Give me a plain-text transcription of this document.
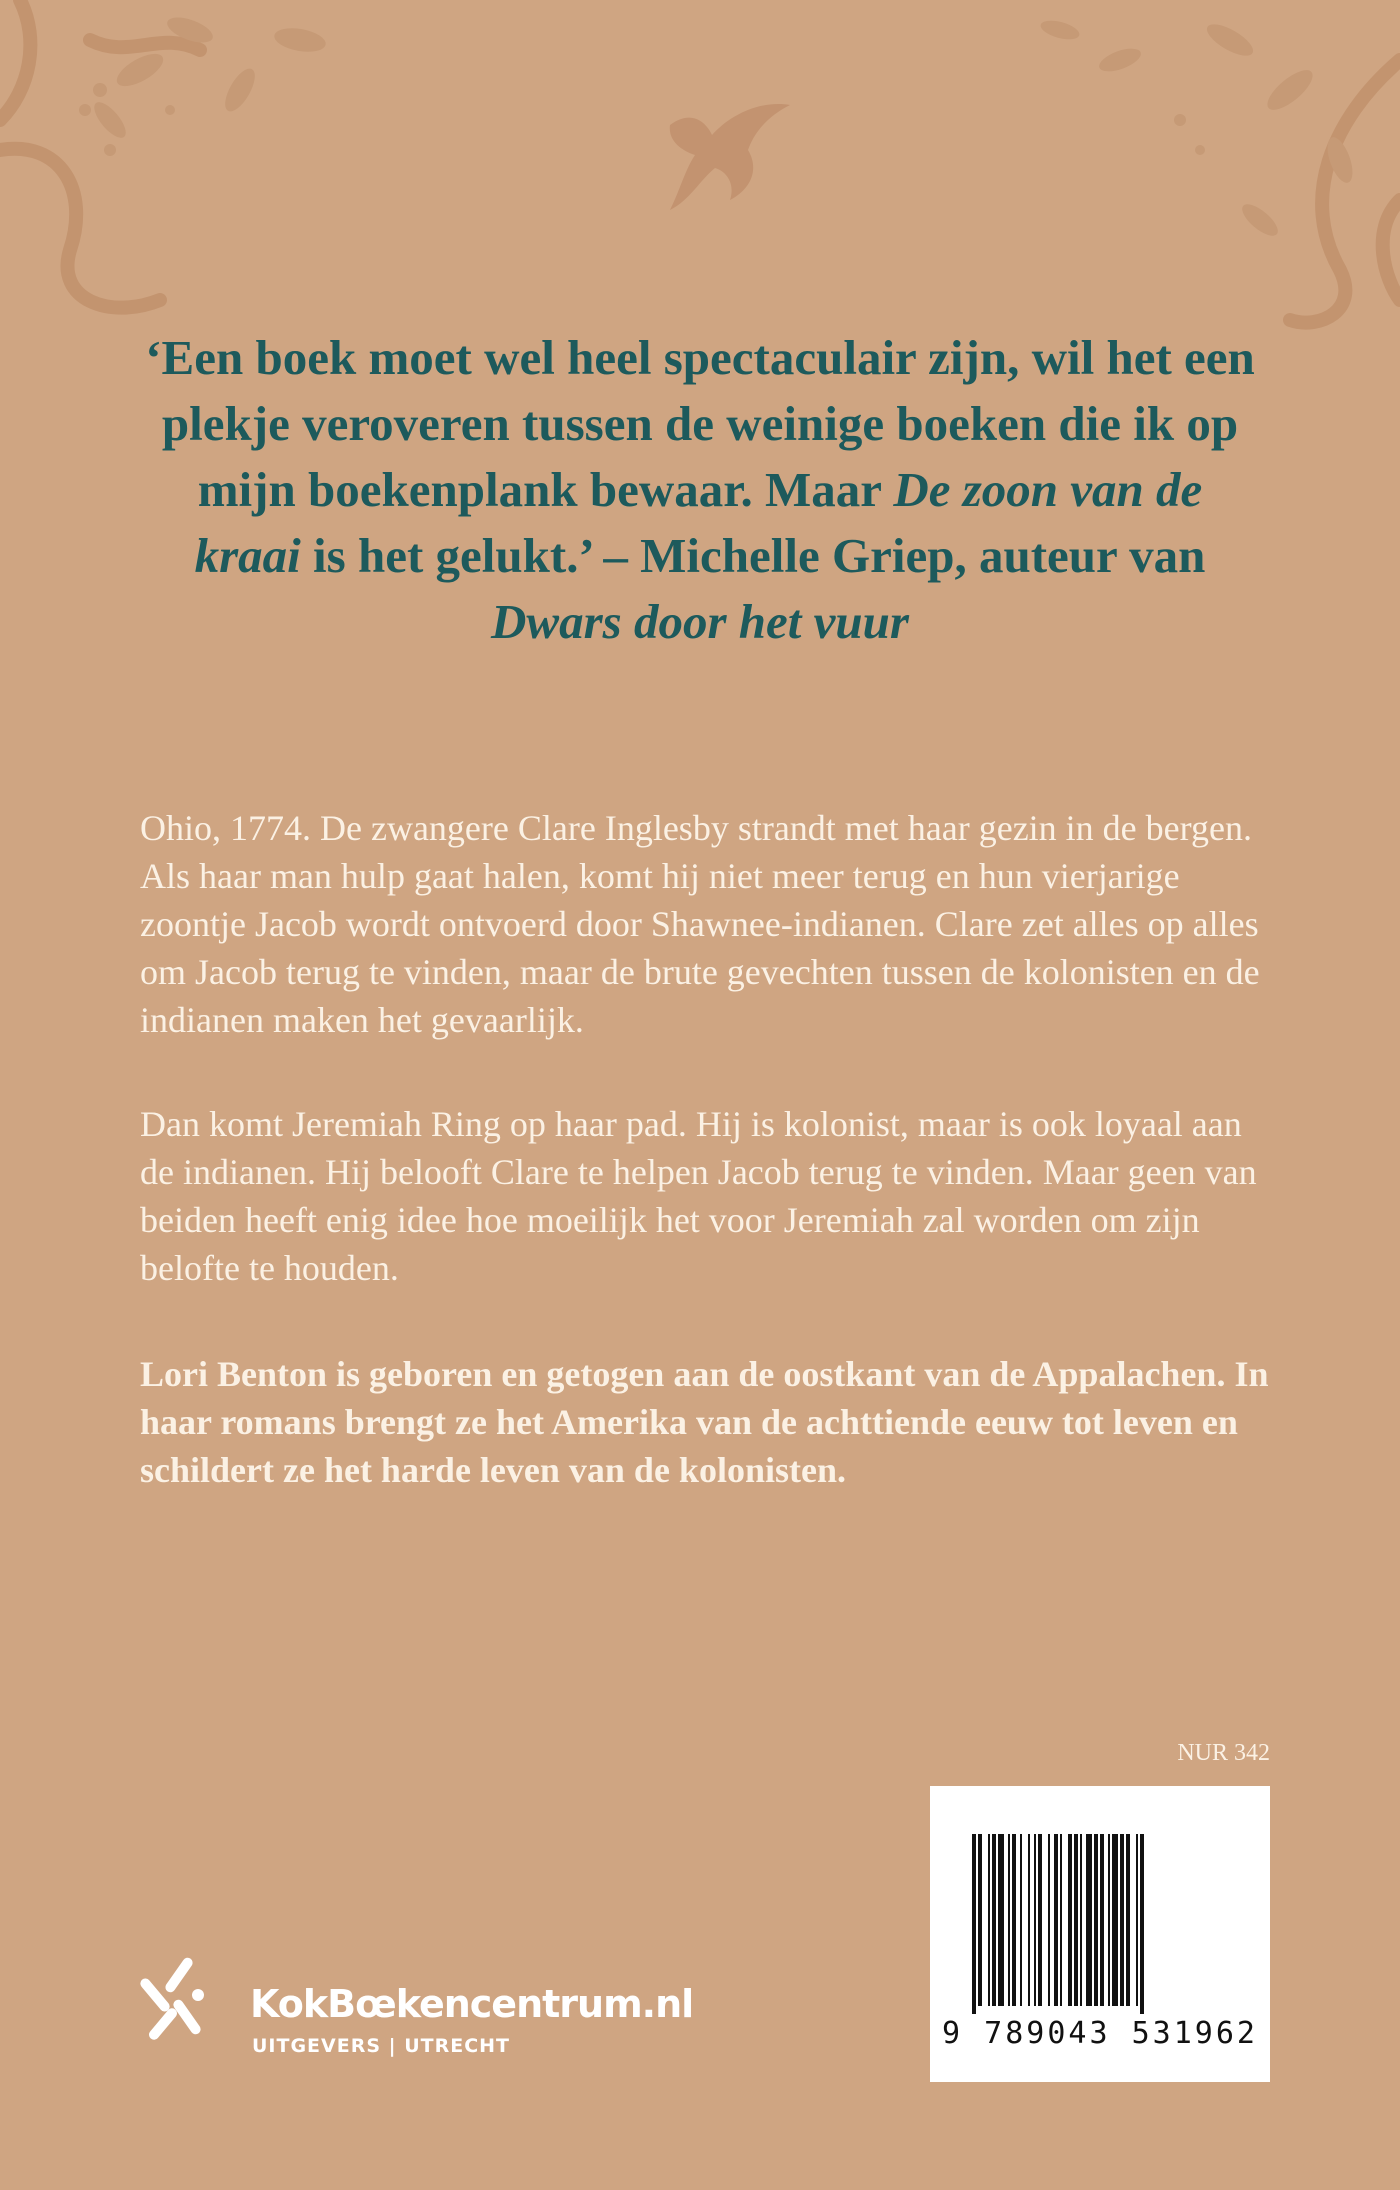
‘Een boek moet wel heel spectaculair zijn, wil het een plekje veroveren tussen de weinige boeken die ik op mijn boekenplank bewaar. Maar De zoon van de kraai is het gelukt.’ – Michelle Griep, auteur van Dwars door het vuur

Ohio, 1774. De zwangere Clare Inglesby strandt met haar gezin in de bergen. Als haar man hulp gaat halen, komt hij niet meer terug en hun vierjarige zoontje Jacob wordt ontvoerd door Shawnee-indianen. Clare zet alles op alles om Jacob terug te vinden, maar de brute gevechten tussen de kolonisten en de indianen maken het gevaarlijk.

Dan komt Jeremiah Ring op haar pad. Hij is kolonist, maar is ook loyaal aan de indianen. Hij belooft Clare te helpen Jacob terug te vinden. Maar geen van beiden heeft enig idee hoe moeilijk het voor Jeremiah zal worden om zijn belofte te houden.

Lori Benton is geboren en getogen aan de oostkant van de Appalachen. In haar romans brengt ze het Amerika van de achttiende eeuw tot leven en schildert ze het harde leven van de kolonisten.

NUR 342
9 789043 531962
KokBœkencentrum.nl
UITGEVERS | UTRECHT
